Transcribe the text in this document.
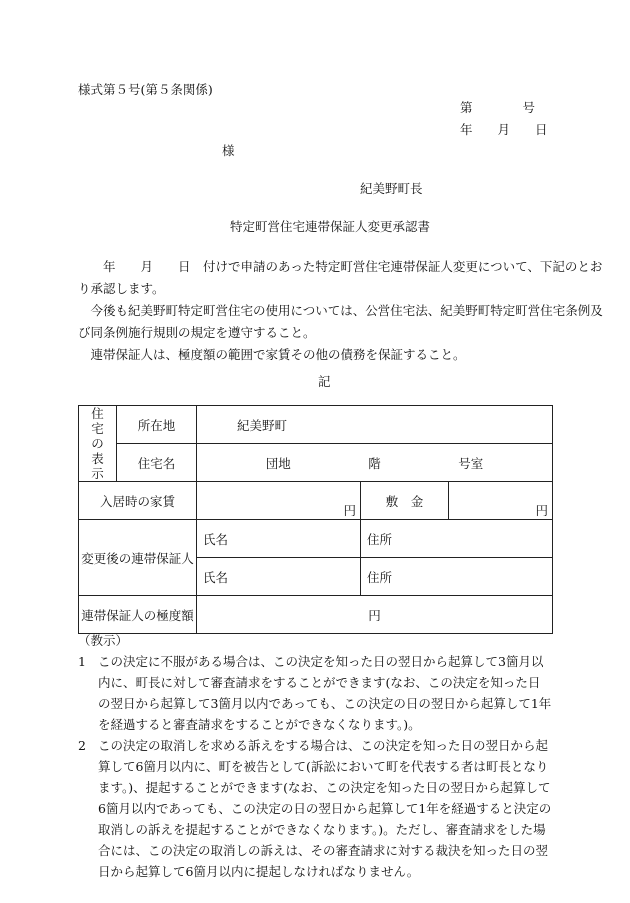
様式第５号(第５条関係)
第　　　　号
年　　月　　日
様
紀美野町長
特定町営住宅連帯保証人変更承認書
　　年　　月　　日　付けで申請のあった特定町営住宅連帯保証人変更について、下記のとお
り承認します。
　今後も紀美野町特定町営住宅の使用については、公営住宅法、紀美野町特定町営住宅条例及
び同条例施行規則の規定を遵守すること。
　連帯保証人は、極度額の範囲で家賃その他の債務を保証すること。
記
住
宅
の
表
示	所在地	紀美野町		
	住宅名	団地 階 号室		

入居時の家賃		円	敷　金	円
変更後の連帯保証人		氏名	住所	
		氏名	住所	
連帯保証人の極度額		円		
（教示）
1 この決定に不服がある場合は、この決定を知った日の翌日から起算して3箇月以内に、町長に対して審査請求をすることができます(なお、この決定を知った日の翌日から起算して3箇月以内であっても、この決定の日の翌日から起算して1年を経過すると審査請求をすることができなくなります。)。
2 この決定の取消しを求める訴えをする場合は、この決定を知った日の翌日から起算して6箇月以内に、町を被告として(訴訟において町を代表する者は町長となります。)、提起することができます(なお、この決定を知った日の翌日から起算して6箇月以内であっても、この決定の日の翌日から起算して1年を経過すると決定の取消しの訴えを提起することができなくなります。)。ただし、審査請求をした場合には、この決定の取消しの訴えは、その審査請求に対する裁決を知った日の翌日から起算して6箇月以内に提起しなければなりません。
